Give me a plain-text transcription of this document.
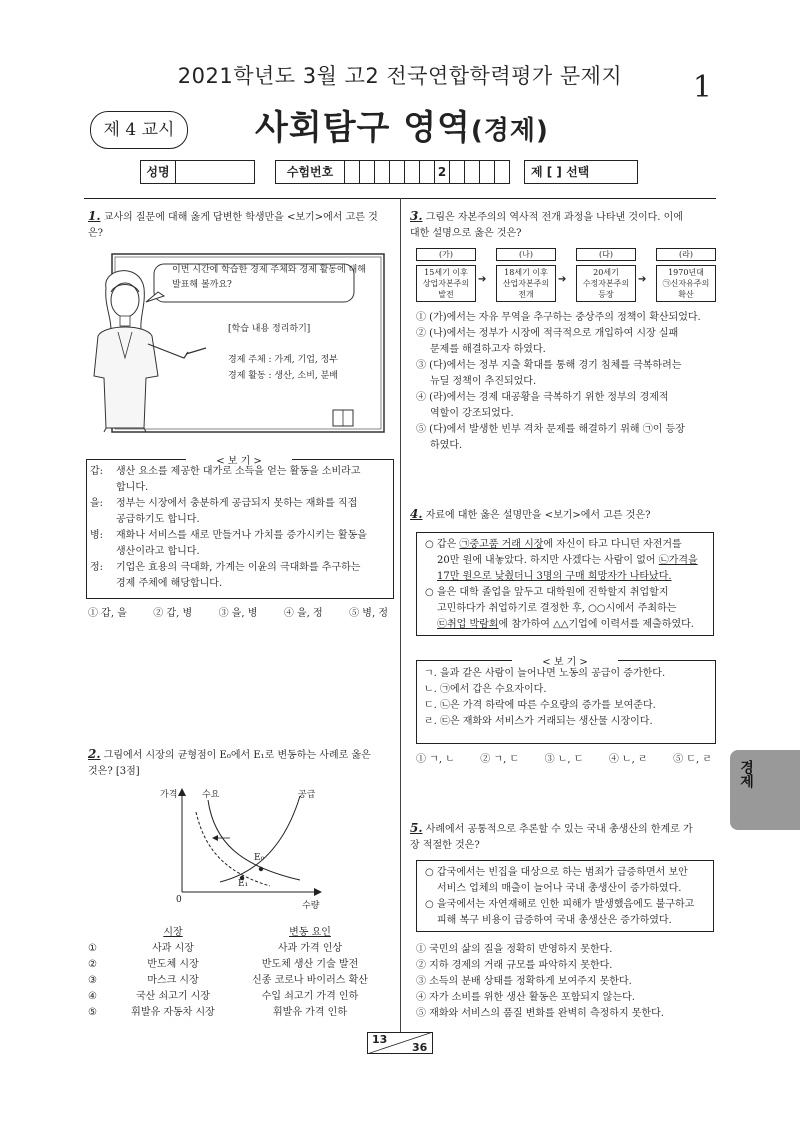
2021학년도 3월 고2 전국연합학력평가 문제지	1
제 4 교시	사회탐구 영역(경제)
성명	수험번호	2	제 [ ] 선택
1. 교사의 질문에 대해 옳게 답변한 학생만을 <보기>에서 고른 것은?
이번 시간에 학습한 경제 주체와 경제 활동에 대해 발표해 볼까요?
[학습 내용 정리하기]
경제 주체 : 가계, 기업, 정부
경제 활동 : 생산, 소비, 분배
< 보 기 >
갑:	생산 요소를 제공한 대가로 소득을 얻는 활동을 소비라고
합니다.
을:	정부는 시장에서 충분하게 공급되지 못하는 재화를 직접
공급하기도 합니다.
병:	재화나 서비스를 새로 만들거나 가치를 증가시키는 활동을
생산이라고 합니다.
정:	기업은 효용의 극대화, 가계는 이윤의 극대화를 추구하는
경제 주체에 해당합니다.
① 갑, 을	② 갑, 병	③ 을, 병	④ 을, 정	⑤ 병, 정
2. 그림에서 시장의 균형점이 E₀에서 E₁로 변동하는 사례로 옳은
것은? [3점]
가격	수요	공급
0
수량
E₀
E₁
시장	변동 요인
①	사과 시장	사과 가격 인상
②	반도체 시장	반도체 생산 기술 발전
③	마스크 시장	신종 코로나 바이러스 확산
④	국산 쇠고기 시장	수입 쇠고기 가격 인하
⑤	휘발유 자동차 시장	휘발유 가격 인하
3. 그림은 자본주의의 역사적 전개 과정을 나타낸 것이다. 이에
대한 설명으로 옳은 것은?
(가)
15세기 이후
상업자본주의
발전
➔
(나)
18세기 이후
산업자본주의
전개
➔
(다)
20세기
수정자본주의
등장
➔
(라)
1970년대
㉠신자유주의
확산
① (가)에서는 자유 무역을 추구하는 중상주의 정책이 확산되었다.
② (나)에서는 정부가 시장에 적극적으로 개입하여 시장 실패
문제를 해결하고자 하였다.
③ (다)에서는 정부 지출 확대를 통해 경기 침체를 극복하려는
뉴딜 정책이 추진되었다.
④ (라)에서는 경제 대공황을 극복하기 위한 정부의 경제적
역할이 강조되었다.
⑤ (다)에서 발생한 빈부 격차 문제를 해결하기 위해 ㉠이 등장
하였다.
4. 자료에 대한 옳은 설명만을 <보기>에서 고른 것은?
○ 갑은 ㉠중고품 거래 시장에 자신이 타고 다니던 자전거를
20만 원에 내놓았다. 하지만 사겠다는 사람이 없어 ㉡가격을
17만 원으로 낮췄더니 3명의 구매 희망자가 나타났다.
○ 을은 대학 졸업을 앞두고 대학원에 진학할지 취업할지
고민하다가 취업하기로 결정한 후, ○○시에서 주최하는
㉢취업 박람회에 참가하여 △△기업에 이력서를 제출하였다.
< 보 기 >
ㄱ. 을과 같은 사람이 늘어나면 노동의 공급이 증가한다.
ㄴ. ㉠에서 갑은 수요자이다.
ㄷ. ㉡은 가격 하락에 따른 수요량의 증가를 보여준다.
ㄹ. ㉢은 재화와 서비스가 거래되는 생산물 시장이다.
① ㄱ, ㄴ	② ㄱ, ㄷ	③ ㄴ, ㄷ	④ ㄴ, ㄹ	⑤ ㄷ, ㄹ
5. 사례에서 공통적으로 추론할 수 있는 국내 총생산의 한계로 가
장 적절한 것은?
○ 갑국에서는 빈집을 대상으로 하는 범죄가 급증하면서 보안
서비스 업체의 매출이 늘어나 국내 총생산이 증가하였다.
○ 을국에서는 자연재해로 인한 피해가 발생했음에도 불구하고
피해 복구 비용이 급증하여 국내 총생산은 증가하였다.
① 국민의 삶의 질을 정확히 반영하지 못한다.
② 지하 경제의 거래 규모를 파악하지 못한다.
③ 소득의 분배 상태를 정확하게 보여주지 못한다.
④ 자가 소비를 위한 생산 활동은 포함되지 않는다.
⑤ 재화와 서비스의 품질 변화를 완벽히 측정하지 못한다.
경제
13
36
